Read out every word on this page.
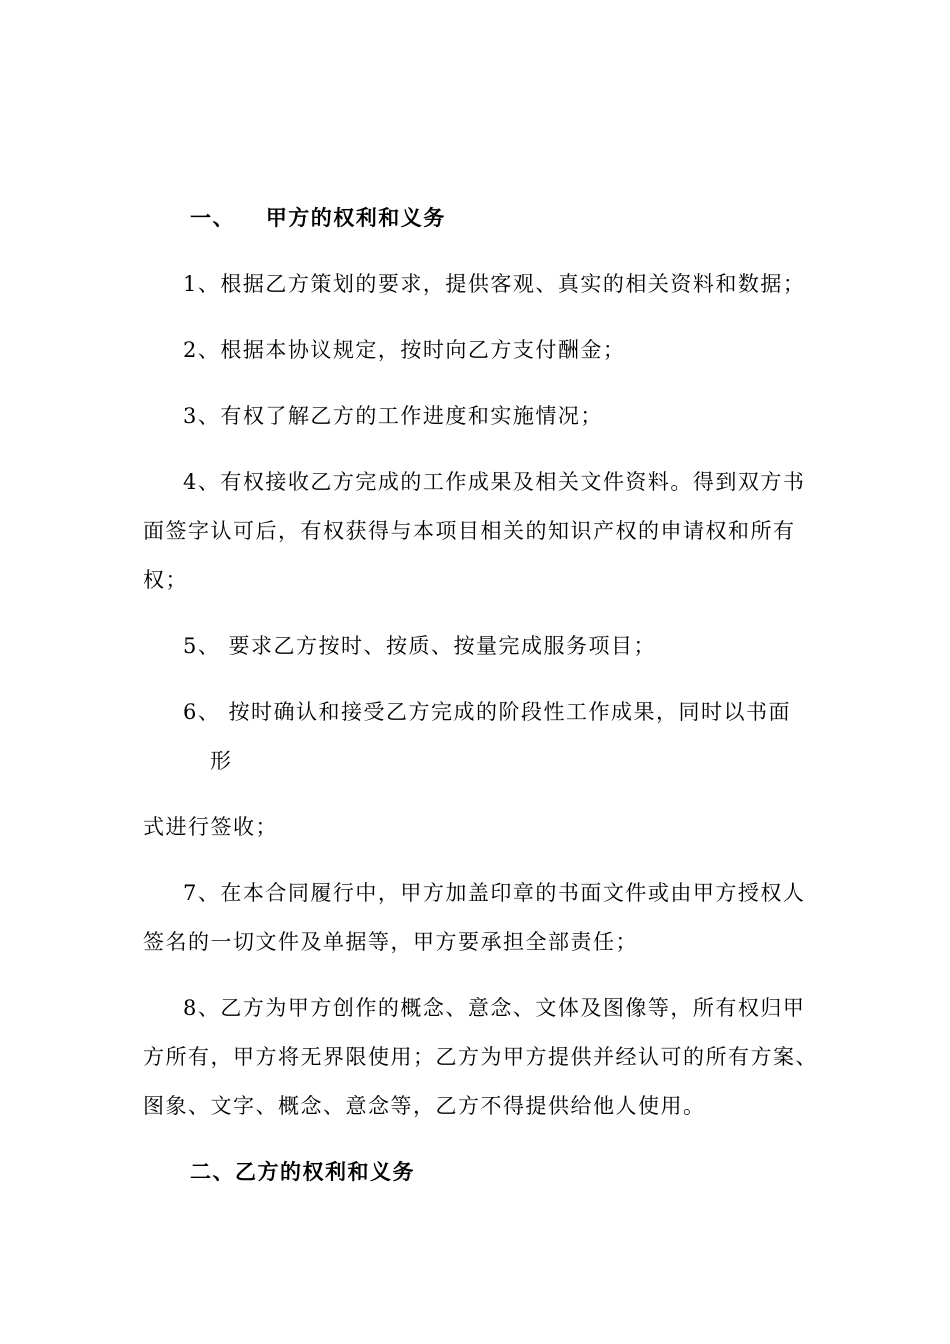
一、 甲方的权利和义务
1、根据乙方策划的要求，提供客观、真实的相关资料和数据；
2、根据本协议规定，按时向乙方支付酬金；
3、有权了解乙方的工作进度和实施情况；
4、有权接收乙方完成的工作成果及相关文件资料。得到双方书
面签字认可后，有权获得与本项目相关的知识产权的申请权和所有
权；
5、 要求乙方按时、按质、按量完成服务项目；
6、 按时确认和接受乙方完成的阶段性工作成果，同时以书面
形
式进行签收；
7、在本合同履行中，甲方加盖印章的书面文件或由甲方授权人
签名的一切文件及单据等，甲方要承担全部责任；
8、乙方为甲方创作的概念、意念、文体及图像等，所有权归甲
方所有，甲方将无界限使用；乙方为甲方提供并经认可的所有方案、
图象、文字、概念、意念等，乙方不得提供给他人使用。
二、乙方的权利和义务
